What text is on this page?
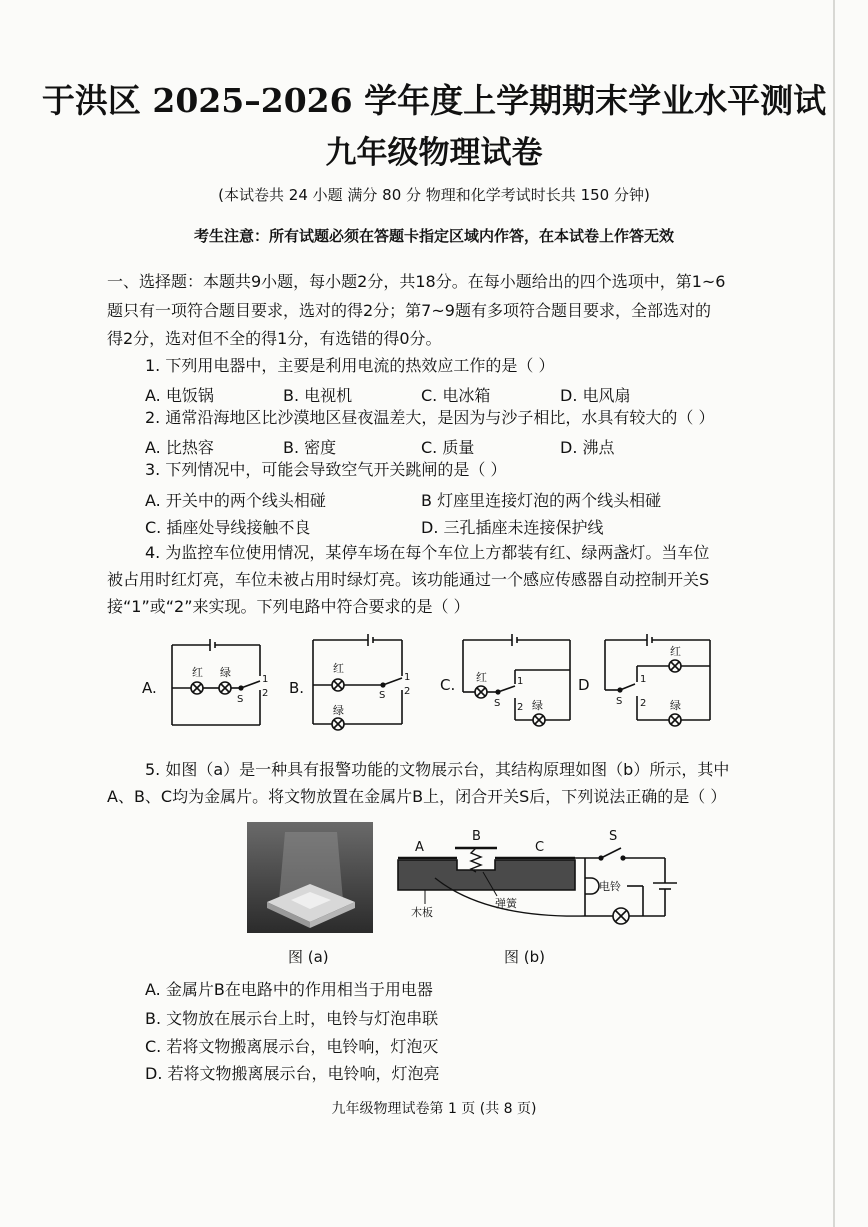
于洪区 2025–2026 学年度上学期期末学业水平测试
九年级物理试卷
(本试卷共 24 小题 满分 80 分 物理和化学考试时长共 150 分钟)
考生注意：所有试题必须在答题卡指定区域内作答，在本试卷上作答无效
一、选择题：本题共9小题，每小题2分，共18分。在每小题给出的四个选项中，第1~6
题只有一项符合题目要求，选对的得2分；第7~9题有多项符合题目要求，全部选对的
得2分，选对但不全的得1分，有选错的得0分。
1. 下列用电器中，主要是利用电流的热效应工作的是（ ）
A. 电饭锅	B. 电视机	C. 电冰箱	D. 电风扇
2. 通常沿海地区比沙漠地区昼夜温差大，是因为与沙子相比，水具有较大的（ ）
A. 比热容	B. 密度	C. 质量	D. 沸点
3. 下列情况中，可能会导致空气开关跳闸的是（ ）
A. 开关中的两个线头相碰	B 灯座里连接灯泡的两个线头相碰
C. 插座处导线接触不良	D. 三孔插座未连接保护线
4. 为监控车位使用情况，某停车场在每个车位上方都装有红、绿两盏灯。当车位
被占用时红灯亮，车位未被占用时绿灯亮。该功能通过一个感应传感器自动控制开关S
接“1”或“2”来实现。下列电路中符合要求的是（ ）
A.
红 绿
S
1
2 B.
红
绿
S
1
2 C. 红
绿
S
1
2
D
红
绿
S
1
2
5. 如图（a）是一种具有报警功能的文物展示台，其结构原理如图（b）所示，其中
A、B、C均为金属片。将文物放置在金属片B上，闭合开关S后，下列说法正确的是（ ）
图 (a)
A
B
C
弹簧
木板
S
电铃
图 (b)
A. 金属片B在电路中的作用相当于用电器
B. 文物放在展示台上时，电铃与灯泡串联
C. 若将文物搬离展示台，电铃响，灯泡灭
D. 若将文物搬离展示台，电铃响，灯泡亮
九年级物理试卷第 1 页 (共 8 页)
